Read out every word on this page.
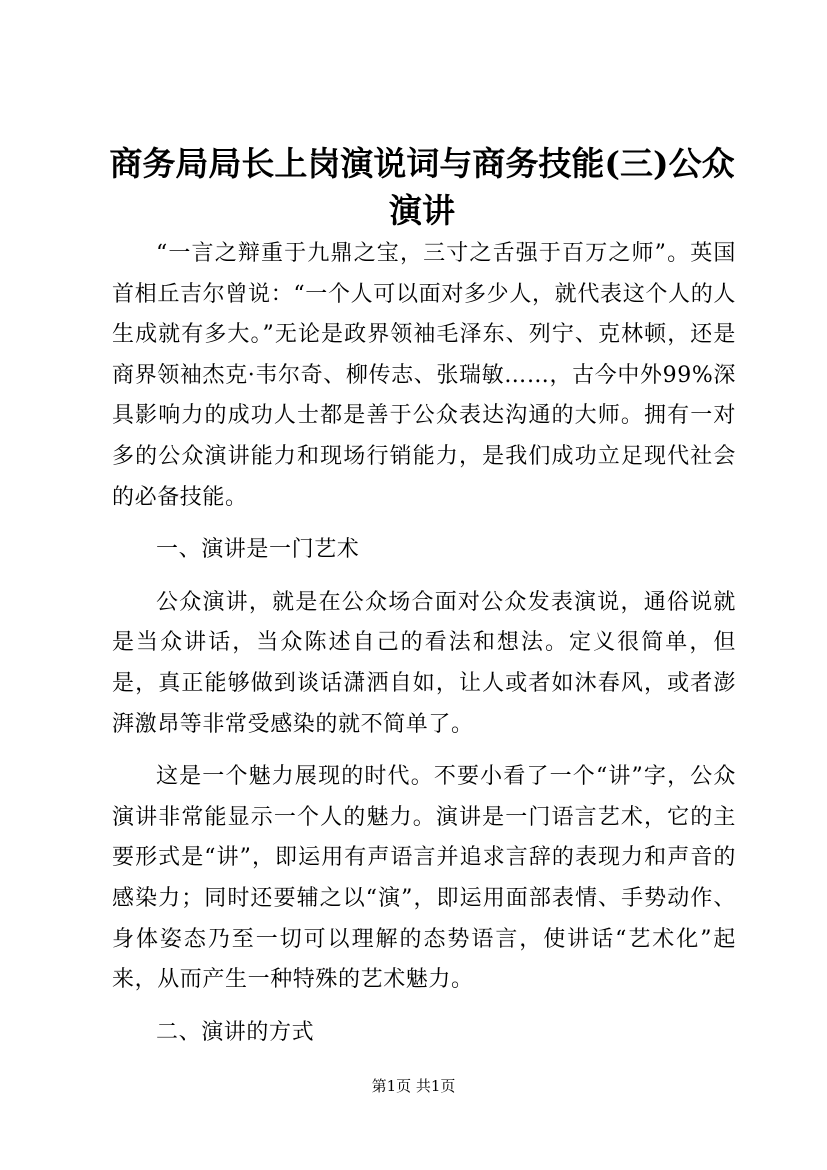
商务局局长上岗演说词与商务技能(三)公众演讲

“一言之辩重于九鼎之宝，三寸之舌强于百万之师”。英国首相丘吉尔曾说：“一个人可以面对多少人，就代表这个人的人生成就有多大。”无论是政界领袖毛泽东、列宁、克林顿，还是商界领袖杰克·韦尔奇、柳传志、张瑞敏……，古今中外99%深具影响力的成功人士都是善于公众表达沟通的大师。拥有一对多的公众演讲能力和现场行销能力，是我们成功立足现代社会的必备技能。

一、演讲是一门艺术

公众演讲，就是在公众场合面对公众发表演说，通俗说就是当众讲话，当众陈述自己的看法和想法。定义很简单，但是，真正能够做到谈话潇洒自如，让人或者如沐春风，或者澎湃激昂等非常受感染的就不简单了。

这是一个魅力展现的时代。不要小看了一个“讲”字，公众演讲非常能显示一个人的魅力。演讲是一门语言艺术，它的主要形式是“讲”，即运用有声语言并追求言辞的表现力和声音的感染力；同时还要辅之以“演”，即运用面部表情、手势动作、身体姿态乃至一切可以理解的态势语言，使讲话“艺术化”起来，从而产生一种特殊的艺术魅力。

二、演讲的方式

第1页 共1页
